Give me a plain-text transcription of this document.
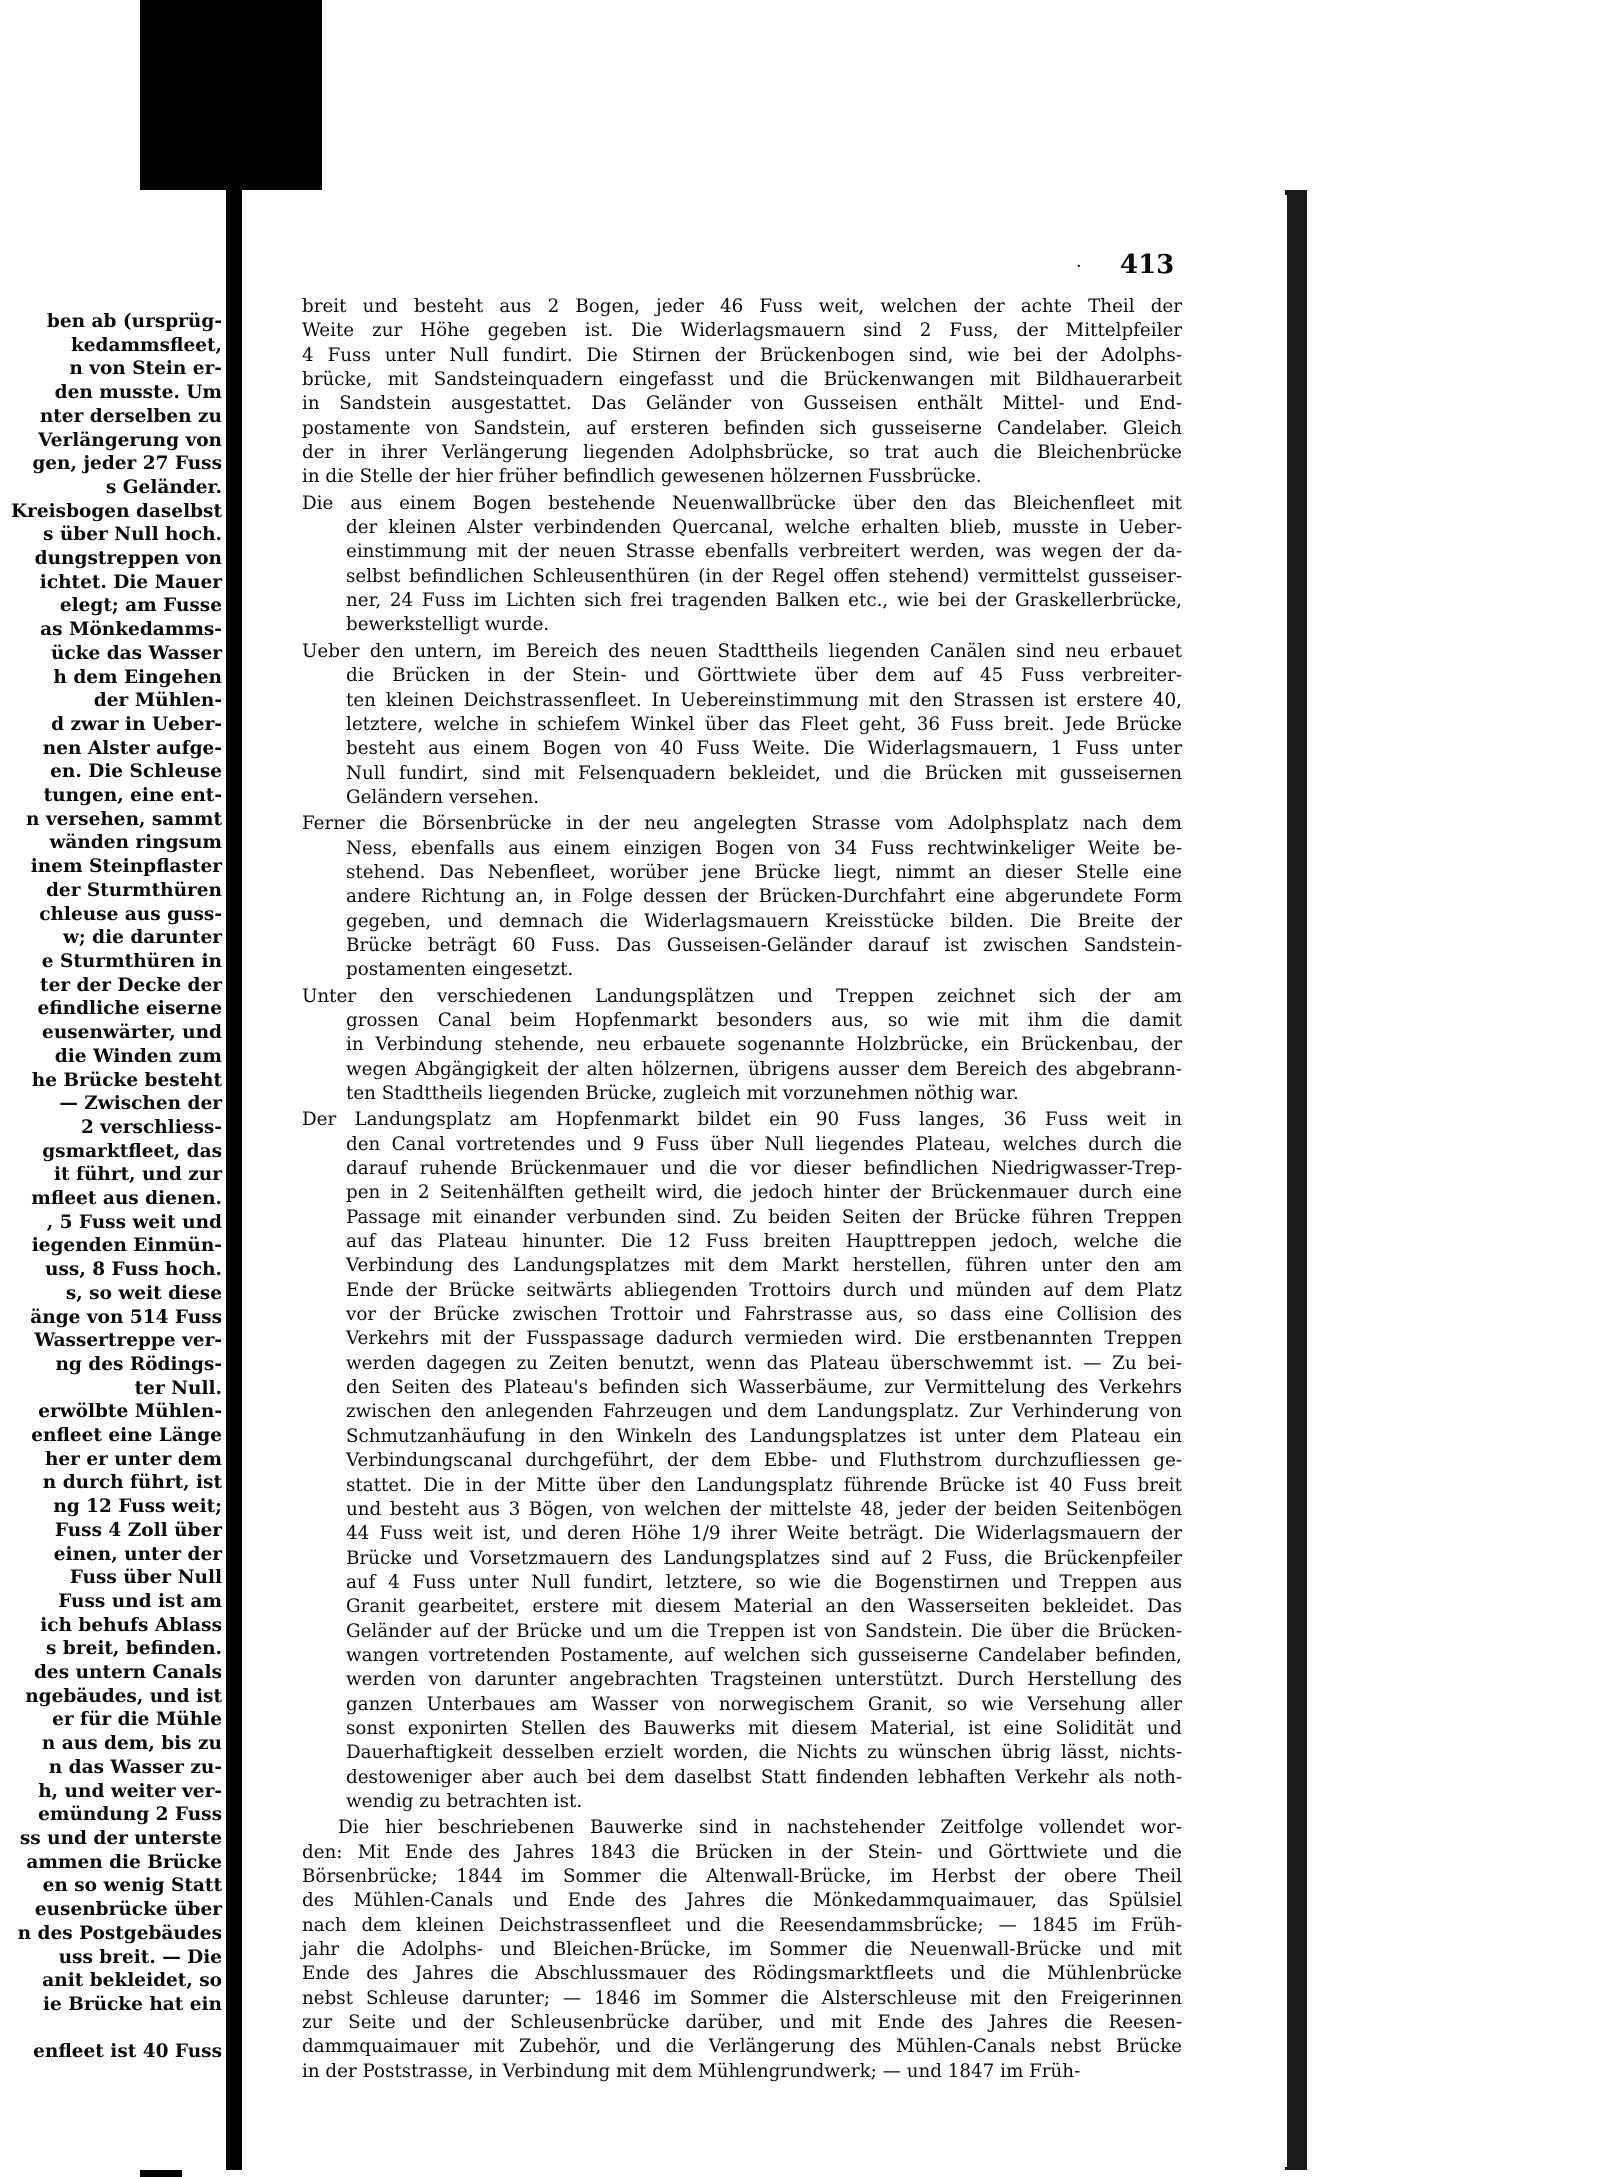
ben ab (ursprüg-
kedammsfleet,
n von Stein er-
den musste. Um
nter derselben zu
Verlängerung von
gen, jeder 27 Fuss
s Geländer.
Kreisbogen daselbst
s über Null hoch.
dungstreppen von
ichtet. Die Mauer
elegt; am Fusse
as Mönkedamms-
ücke das Wasser
h dem Eingehen
der Mühlen-
d zwar in Ueber-
nen Alster aufge-
en. Die Schleuse
tungen, eine ent-
n versehen, sammt
wänden ringsum
inem Steinpflaster
der Sturmthüren
chleuse aus guss-
w; die darunter
e Sturmthüren in
ter der Decke der
efindliche eiserne
eusenwärter, und
die Winden zum
he Brücke besteht
— Zwischen der
2 verschliess-
gsmarktfleet, das
it führt, und zur
mfleet aus dienen.
, 5 Fuss weit und
iegenden Einmün-
uss, 8 Fuss hoch.
s, so weit diese
änge von 514 Fuss
Wassertreppe ver-
ng des Rödings-
ter Null.
erwölbte Mühlen-
enfleet eine Länge
her er unter dem
n durch führt, ist
ng 12 Fuss weit;
Fuss 4 Zoll über
einen, unter der
Fuss über Null
Fuss und ist am
ich behufs Ablass
s breit, befinden.
des untern Canals
ngebäudes, und ist
er für die Mühle
n aus dem, bis zu
n das Wasser zu-
h, und weiter ver-
emündung 2 Fuss
ss und der unterste
ammen die Brücke
en so wenig Statt
eusenbrücke über
n des Postgebäudes
uss breit. — Die
anit bekleidet, so
ie Brücke hat ein

enfleet ist 40 Fuss
· 413
breit und besteht aus 2 Bogen, jeder 46 Fuss weit, welchen der achte Theil der
Weite zur Höhe gegeben ist. Die Widerlagsmauern sind 2 Fuss, der Mittelpfeiler
4 Fuss unter Null fundirt. Die Stirnen der Brückenbogen sind, wie bei der Adolphs-
brücke, mit Sandsteinquadern eingefasst und die Brückenwangen mit Bildhauerarbeit
in Sandstein ausgestattet. Das Geländer von Gusseisen enthält Mittel- und End-
postamente von Sandstein, auf ersteren befinden sich gusseiserne Candelaber. Gleich
der in ihrer Verlängerung liegenden Adolphsbrücke, so trat auch die Bleichenbrücke
in die Stelle der hier früher befindlich gewesenen hölzernen Fussbrücke.
Die aus einem Bogen bestehende Neuenwallbrücke über den das Bleichenfleet mit
der kleinen Alster verbindenden Quercanal, welche erhalten blieb, musste in Ueber-
einstimmung mit der neuen Strasse ebenfalls verbreitert werden, was wegen der da-
selbst befindlichen Schleusenthüren (in der Regel offen stehend) vermittelst gusseiser-
ner, 24 Fuss im Lichten sich frei tragenden Balken etc., wie bei der Graskellerbrücke,
bewerkstelligt wurde.
Ueber den untern, im Bereich des neuen Stadttheils liegenden Canälen sind neu erbauet
die Brücken in der Stein- und Görttwiete über dem auf 45 Fuss verbreiter-
ten kleinen Deichstrassenfleet. In Uebereinstimmung mit den Strassen ist erstere 40,
letztere, welche in schiefem Winkel über das Fleet geht, 36 Fuss breit. Jede Brücke
besteht aus einem Bogen von 40 Fuss Weite. Die Widerlagsmauern, 1 Fuss unter
Null fundirt, sind mit Felsenquadern bekleidet, und die Brücken mit gusseisernen
Geländern versehen.
Ferner die Börsenbrücke in der neu angelegten Strasse vom Adolphsplatz nach dem
Ness, ebenfalls aus einem einzigen Bogen von 34 Fuss rechtwinkeliger Weite be-
stehend. Das Nebenfleet, worüber jene Brücke liegt, nimmt an dieser Stelle eine
andere Richtung an, in Folge dessen der Brücken-Durchfahrt eine abgerundete Form
gegeben, und demnach die Widerlagsmauern Kreisstücke bilden. Die Breite der
Brücke beträgt 60 Fuss. Das Gusseisen-Geländer darauf ist zwischen Sandstein-
postamenten eingesetzt.
Unter den verschiedenen Landungsplätzen und Treppen zeichnet sich der am
grossen Canal beim Hopfenmarkt besonders aus, so wie mit ihm die damit
in Verbindung stehende, neu erbauete sogenannte Holzbrücke, ein Brückenbau, der
wegen Abgängigkeit der alten hölzernen, übrigens ausser dem Bereich des abgebrann-
ten Stadttheils liegenden Brücke, zugleich mit vorzunehmen nöthig war.
Der Landungsplatz am Hopfenmarkt bildet ein 90 Fuss langes, 36 Fuss weit in
den Canal vortretendes und 9 Fuss über Null liegendes Plateau, welches durch die
darauf ruhende Brückenmauer und die vor dieser befindlichen Niedrigwasser-Trep-
pen in 2 Seitenhälften getheilt wird, die jedoch hinter der Brückenmauer durch eine
Passage mit einander verbunden sind. Zu beiden Seiten der Brücke führen Treppen
auf das Plateau hinunter. Die 12 Fuss breiten Haupttreppen jedoch, welche die
Verbindung des Landungsplatzes mit dem Markt herstellen, führen unter den am
Ende der Brücke seitwärts abliegenden Trottoirs durch und münden auf dem Platz
vor der Brücke zwischen Trottoir und Fahrstrasse aus, so dass eine Collision des
Verkehrs mit der Fusspassage dadurch vermieden wird. Die erstbenannten Treppen
werden dagegen zu Zeiten benutzt, wenn das Plateau überschwemmt ist. — Zu bei-
den Seiten des Plateau's befinden sich Wasserbäume, zur Vermittelung des Verkehrs
zwischen den anlegenden Fahrzeugen und dem Landungsplatz. Zur Verhinderung von
Schmutzanhäufung in den Winkeln des Landungsplatzes ist unter dem Plateau ein
Verbindungscanal durchgeführt, der dem Ebbe- und Fluthstrom durchzufliessen ge-
stattet. Die in der Mitte über den Landungsplatz führende Brücke ist 40 Fuss breit
und besteht aus 3 Bögen, von welchen der mittelste 48, jeder der beiden Seitenbögen
44 Fuss weit ist, und deren Höhe 1/9 ihrer Weite beträgt. Die Widerlagsmauern der
Brücke und Vorsetzmauern des Landungsplatzes sind auf 2 Fuss, die Brückenpfeiler
auf 4 Fuss unter Null fundirt, letztere, so wie die Bogenstirnen und Treppen aus
Granit gearbeitet, erstere mit diesem Material an den Wasserseiten bekleidet. Das
Geländer auf der Brücke und um die Treppen ist von Sandstein. Die über die Brücken-
wangen vortretenden Postamente, auf welchen sich gusseiserne Candelaber befinden,
werden von darunter angebrachten Tragsteinen unterstützt. Durch Herstellung des
ganzen Unterbaues am Wasser von norwegischem Granit, so wie Versehung aller
sonst exponirten Stellen des Bauwerks mit diesem Material, ist eine Solidität und
Dauerhaftigkeit desselben erzielt worden, die Nichts zu wünschen übrig lässt, nichts-
destoweniger aber auch bei dem daselbst Statt findenden lebhaften Verkehr als noth-
wendig zu betrachten ist.
Die hier beschriebenen Bauwerke sind in nachstehender Zeitfolge vollendet wor-
den: Mit Ende des Jahres 1843 die Brücken in der Stein- und Görttwiete und die
Börsenbrücke; 1844 im Sommer die Altenwall-Brücke, im Herbst der obere Theil
des Mühlen-Canals und Ende des Jahres die Mönkedammquaimauer, das Spülsiel
nach dem kleinen Deichstrassenfleet und die Reesendammsbrücke; — 1845 im Früh-
jahr die Adolphs- und Bleichen-Brücke, im Sommer die Neuenwall-Brücke und mit
Ende des Jahres die Abschlussmauer des Rödingsmarktfleets und die Mühlenbrücke
nebst Schleuse darunter; — 1846 im Sommer die Alsterschleuse mit den Freigerinnen
zur Seite und der Schleusenbrücke darüber, und mit Ende des Jahres die Reesen-
dammquaimauer mit Zubehör, und die Verlängerung des Mühlen-Canals nebst Brücke
in der Poststrasse, in Verbindung mit dem Mühlengrundwerk; — und 1847 im Früh-
